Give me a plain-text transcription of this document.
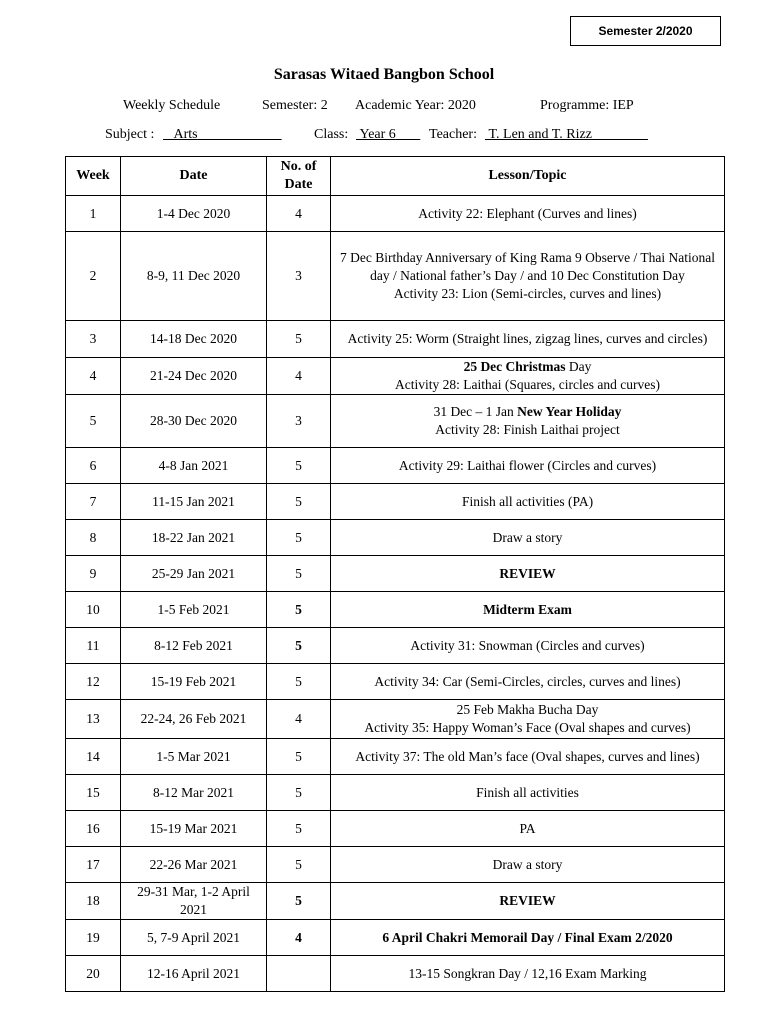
Semester 2/2020
Sarasas Witaed Bangbon School
Weekly Schedule	Semester: 2 Academic Year: 2020	Programme: IEP
Subject :	Arts	Class: Year 6	Teacher: T. Len and T. Rizz
Week	Date	No. of Date	Lesson/Topic
1	1-4 Dec 2020	4	Activity 22: Elephant (Curves and lines)

2	8-9, 11 Dec 2020	3	7 Dec Birthday Anniversary of King Rama 9 Observe / Thai National day / National father’s Day / and 10 Dec Constitution Day
Activity 23: Lion (Semi-circles, curves and lines)

3	14-18 Dec 2020	5	Activity 25: Worm (Straight lines, zigzag lines, curves and circles)

4	21-24 Dec 2020	4	25 Dec Christmas Day
Activity 28: Laithai (Squares, circles and curves)

5	28-30 Dec 2020	3	31 Dec – 1 Jan New Year Holiday
Activity 28: Finish Laithai project

6	4-8 Jan 2021	5	Activity 29: Laithai flower (Circles and curves)

7	11-15 Jan 2021	5	Finish all activities (PA)

8	18-22 Jan 2021	5	Draw a story

9	25-29 Jan 2021	5	REVIEW

10	1-5 Feb 2021	5	Midterm Exam

11	8-12 Feb 2021	5	Activity 31: Snowman (Circles and curves)

12	15-19 Feb 2021	5	Activity 34: Car (Semi-Circles, circles, curves and lines)

13	22-24, 26 Feb 2021	4	25 Feb Makha Bucha Day
Activity 35: Happy Woman’s Face (Oval shapes and curves)

14	1-5 Mar 2021	5	Activity 37: The old Man’s face (Oval shapes, curves and lines)

15	8-12 Mar 2021	5	Finish all activities

16	15-19 Mar 2021	5	PA

17	22-26 Mar 2021	5	Draw a story

18	29-31 Mar, 1-2 April 2021	5	REVIEW

19	5, 7-9 April 2021	4	6 April Chakri Memorail Day / Final Exam 2/2020

20	12-16 April 2021		13-15 Songkran Day / 12,16 Exam Marking
